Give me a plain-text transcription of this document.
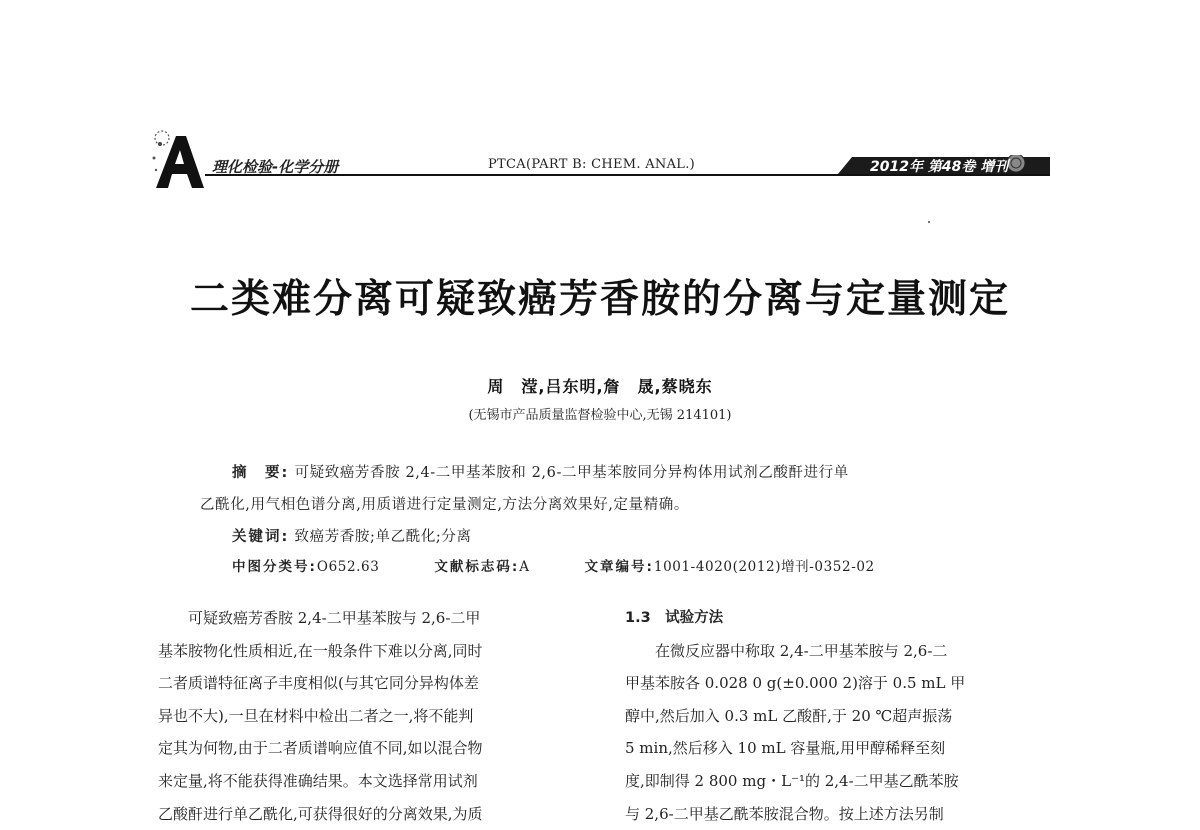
理化检验-化学分册	PTCA(PART B: CHEM. ANAL.)	2012年 第48卷 增刊
二类难分离可疑致癌芳香胺的分离与定量测定
周　滢,吕东明,詹　晟,蔡晓东
(无锡市产品质量监督检验中心,无锡 214101)
摘　要: 可疑致癌芳香胺 2,4-二甲基苯胺和 2,6-二甲基苯胺同分异构体用试剂乙酸酐进行单
乙酰化,用气相色谱分离,用质谱进行定量测定,方法分离效果好,定量精确。
关键词: 致癌芳香胺;单乙酰化;分离
中图分类号:O652.63	文献标志码:A	文章编号:1001-4020(2012)增刊-0352-02

可疑致癌芳香胺 2,4-二甲基苯胺与 2,6-二甲

基苯胺物化性质相近,在一般条件下难以分离,同时

二者质谱特征离子丰度相似(与其它同分异构体差

异也不大),一旦在材料中检出二者之一,将不能判

定其为何物,由于二者质谱响应值不同,如以混合物

来定量,将不能获得准确结果。本文选择常用试剂

乙酸酐进行单乙酰化,可获得很好的分离效果,为质

1.3　试验方法

在微反应器中称取 2,4-二甲基苯胺与 2,6-二

甲基苯胺各 0.028 0 g(±0.000 2)溶于 0.5 mL 甲

醇中,然后加入 0.3 mL 乙酸酐,于 20 ℃超声振荡

5 min,然后移入 10 mL 容量瓶,用甲醇稀释至刻

度,即制得 2 800 mg・L⁻¹的 2,4-二甲基乙酰苯胺

与 2,6-二甲基乙酰苯胺混合物。按上述方法另制
